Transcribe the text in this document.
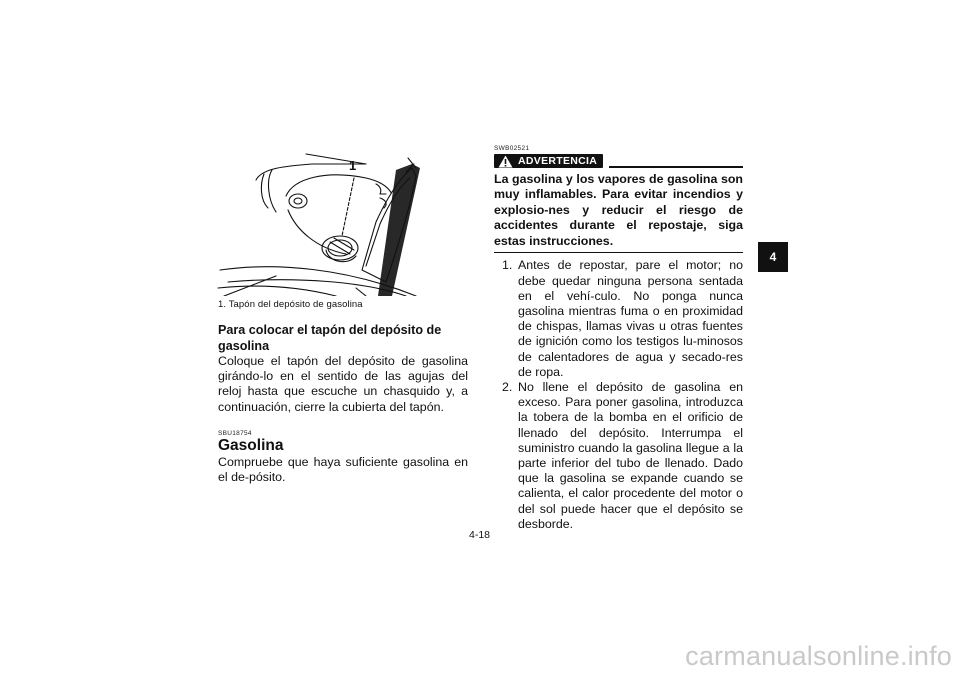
1
1. Tapón del depósito de gasolina

Para colocar el tapón del depósito de gasolina

Coloque el tapón del depósito de gasolina girándo-lo en el sentido de las agujas del reloj hasta que escuche un chasquido y, a continuación, cierre la cubierta del tapón.

SBU18754
Gasolina

Compruebe que haya suficiente gasolina en el de-pósito.

SWB02521
ADVERTENCIA

La gasolina y los vapores de gasolina son muy inflamables. Para evitar incendios y explosio-nes y reducir el riesgo de accidentes durante el repostaje, siga estas instrucciones.

1. Antes de repostar, pare el motor; no debe quedar ninguna persona sentada en el vehí-culo. No ponga nunca gasolina mientras fuma o en proximidad de chispas, llamas vivas u otras fuentes de ignición como los testigos lu-minosos de calentadores de agua y secado-res de ropa.
2. No llene el depósito de gasolina en exceso. Para poner gasolina, introduzca la tobera de la bomba en el orificio de llenado del depósito. Interrumpa el suministro cuando la gasolina llegue a la parte inferior del tubo de llenado. Dado que la gasolina se expande cuando se calienta, el calor procedente del motor o del sol puede hacer que el depósito se desborde.
4
4-18
carmanualsonline.info
